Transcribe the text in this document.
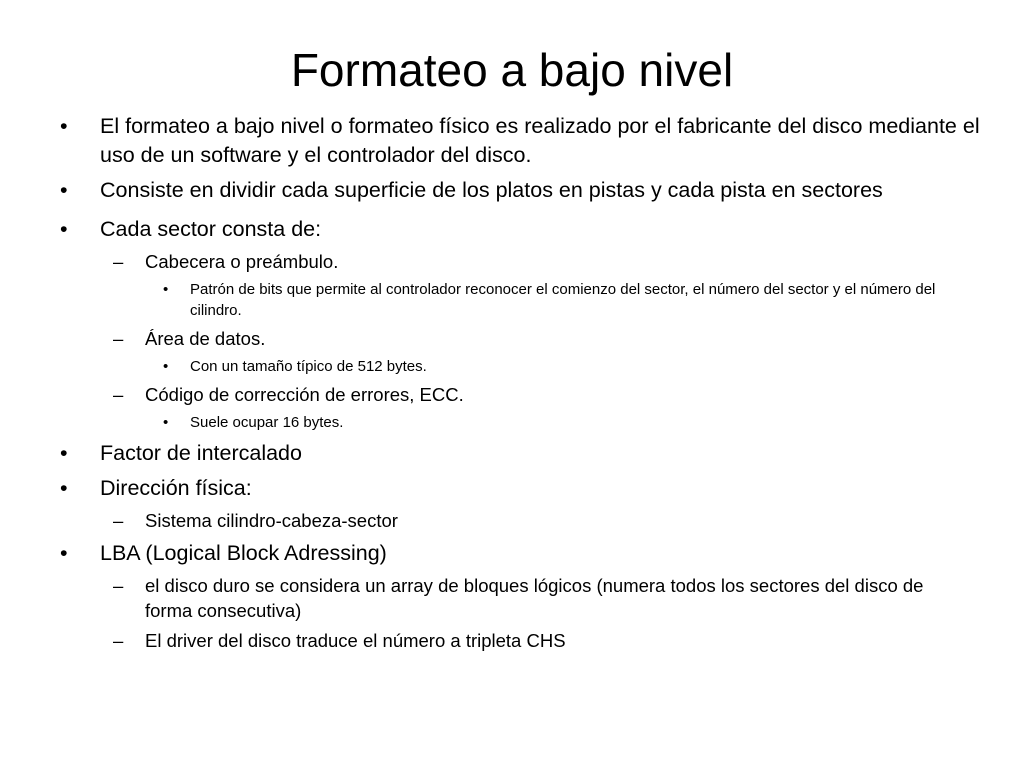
Formateo a bajo nivel
• El formateo a bajo nivel o formateo físico es realizado por el fabricante del disco mediante el uso de un software y el controlador del disco.
• Consiste en dividir cada superficie de los platos en pistas y cada pista en sectores
• Cada sector consta de:
– Cabecera o preámbulo.
• Patrón de bits que permite al controlador reconocer el comienzo del sector, el número del sector y el número del cilindro.
– Área de datos.
• Con un tamaño típico de 512 bytes.
– Código de corrección de errores, ECC.
• Suele ocupar 16 bytes.
• Factor de intercalado
• Dirección física:
– Sistema cilindro-cabeza-sector
• LBA (Logical Block Adressing)
– el disco duro se considera un array de bloques lógicos (numera todos los sectores del disco de forma consecutiva)
– El driver del disco traduce el número a tripleta CHS
